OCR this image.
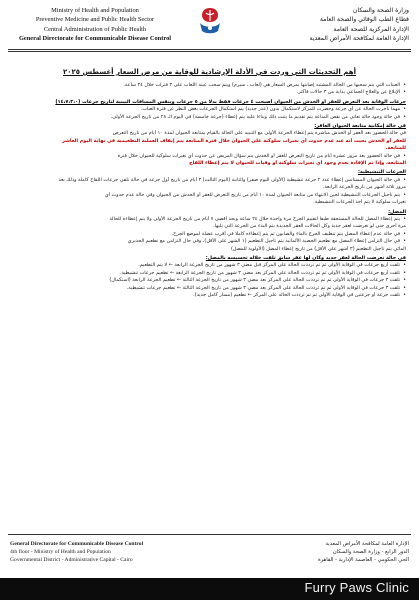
Ministry of Health and Population
Preventive Medicine and Public Health Sector
Central Administration of Public Health
General Directorate for Communicable Disease Control
وزارة الصحة والسكان
قطاع الطب الوقائي والصحة العامة
الإدارة المركزية للصحة العامة
الإدارة العامة لمكافحة الأمراض المعدية
أهم التحديثات التي وردت في الأدلة الإرشادية للوقاية من مرض السعار أغسطس ٢٠٢٥
• العينات التي يتم سحبها من الحالة المشتبه إصابتها بمرض السعار هي (لعاب ، سيرم) ويتم سحب عينة اللعاب على ٣ فترات خلال ٢٤ ساعة.
• الإبلاغ عن والعلاج الجماعي بداية من ٣ حالات فأكثر.
جرعات الوقاية بعد التعرض للعقر أو الخدش من الحيوان أصبحت ٤ جرعات فقط بدلا من ٥ جرعات وبنفس المسافات البينية لتاريخ جرعات (١٤،٧،٣،٠)
• مهما تأخرت الحالة عن أي جرعة وحضرت للمركز لاستكمال بدون (عذر جديد) يتم استكمال الجرعات بغض النظر عن فترة الغياب.
• في حالة وجود حالة تعاني من نقص المناعة يتم تقديم ما يثبت ذلك وبناءا عليه يتم إعطاء (جرعة خامسة) في اليوم الـ ٢٨ من تاريخ الجرعة الأولى.
في حالة إمكانية متابعة الحيوان العاقر:
في حالة الحضور بعد العقر أو الخدش مباشرة يتم إعطاء الجرعة الأولى مع التنبيه على الحالة بالقيام بمتابعة الحيوان لمدة ١٠ أيام من تاريخ التعرض
للعقر أو الخدش بحيث أنه عند عدم حدوث أي تغيرات سلوكية على الحيوان خلال فترة المتابعة يتم إيقاف العملية التطعيمية في نهاية اليوم العاشر
للمتابعة.
• في حالة الحضور بعد مرور عشرة أيام من تاريخ التعرض للعقر أو الخدش يتم سؤال المريض عن حدوث أي تغيرات سلوكية للحيوان خلال فترة
المتابعة، وإذا تم الإفادة بعدم وجود أي تغيرات سلوكية أو وفيات للحيوان لا يتم إعطاء اللقاح
الجرعات التنشيطية:
• في حالة الحيوان المستأنس إعطاء عدد ٢ جرعة تنشيطية (الأولى اليوم صفر) والثانية (اليوم الثالث) ٣ أيام من تاريخ أول جرعة في حالة تلقي جرعات اللقاح كاملة وذلك بعد
مرور ثلاثة أشهر من تاريخ الجرعة الرابعة.
• يتم تأجيل الجرعات التنشيطية لحين الانتهاء من متابعة الحيوان لمدة ١٠ أيام من تاريخ التعرض للعقر أو الخدش من الحيوان وفي حالة عدم حدوث أي
تغيرات سلوكية لا يتم أخذ الجرعات التنشيطية.
المصل:
• يتم إعطاء المصل للحالة المستحقة طبقا لتقييم الجرح مرة واحدة خلال ٢٤ ساعة وبحد أقصى ٧ أيام من تاريخ الجرعة الأولى ولا يتم إعطاءه للحالة
مرة أخرى حتى لو تعرضت لعقر جديد وكل الحالات العقر الجديدة يتم البدء من الجرعة التي تليها.
• في حالة عدم إعطاء المصل يتم تنظيف الجرح بالماء والصابون ثم يتم إعطاءه كاملا في أقرب عضلة لموضع الجرح.
• في حال التزامن إعطاء المصل مع تطعيم الحصبة الألمانية يتم تأجيل التطعيم (١ الشهر على الأقل)، وفي حال التزامن مع تطعيم الجديري
المائي يتم تأجيل التطعيم (٣ أشهر على الأقل) من تاريخ إعطاء المصل (الأولوية للمصل)
في حالة تعرضت الحالة لعقر جديد وكان لها عقر سابق تلقت خلاله تحسيسه بالمصل:
• تلقت أربع جرعات في الوقاية الأولى ثم تم ترددت الحالة على المركز قبل مضي ٣ شهور من تاريخ الجرعة الرابعة ← لا يتم التطعيم.
• تلقت أربع جرعات في الوقاية الأولى ثم تم ترددت الحالة على المركز بعد مضي ٣ شهور من تاريخ الجرعة الرابعة ← تطعيم جرعات تنشيطية.
• تلقت ٣ جرعات في الوقاية الأولى ثم تم ترددت الحالة على المركز بعد مضي ٣ شهور من تاريخ الجرعة الثالثة ← تطعيم الجرعة الرابعة (استكمال)
• تلقت ٣ جرعات في الوقاية الأولى ثم تم ترددت الحالة على المركز بعد مضي ٣ شهور من تاريخ الجرعة الثالثة ← تطعيم جرعات تنشيطية.
• تلقت جرعة أو جرعتين في الوقاية الأولى ثم تم ترددت الحالة على المركز ← تطعيم (مسار كامل جديد).
General Directorate for Communicable Disease Control
4th floor - Ministry of Health and Population
Governmental District - Administrative Capital - Cairo
الإدارة العامة لمكافحة الأمراض المعدية
الدور الرابع - وزارة الصحة والسكان
الحي الحكومي - العاصمة الإدارية - القاهرة
Furry Paws Clinic
